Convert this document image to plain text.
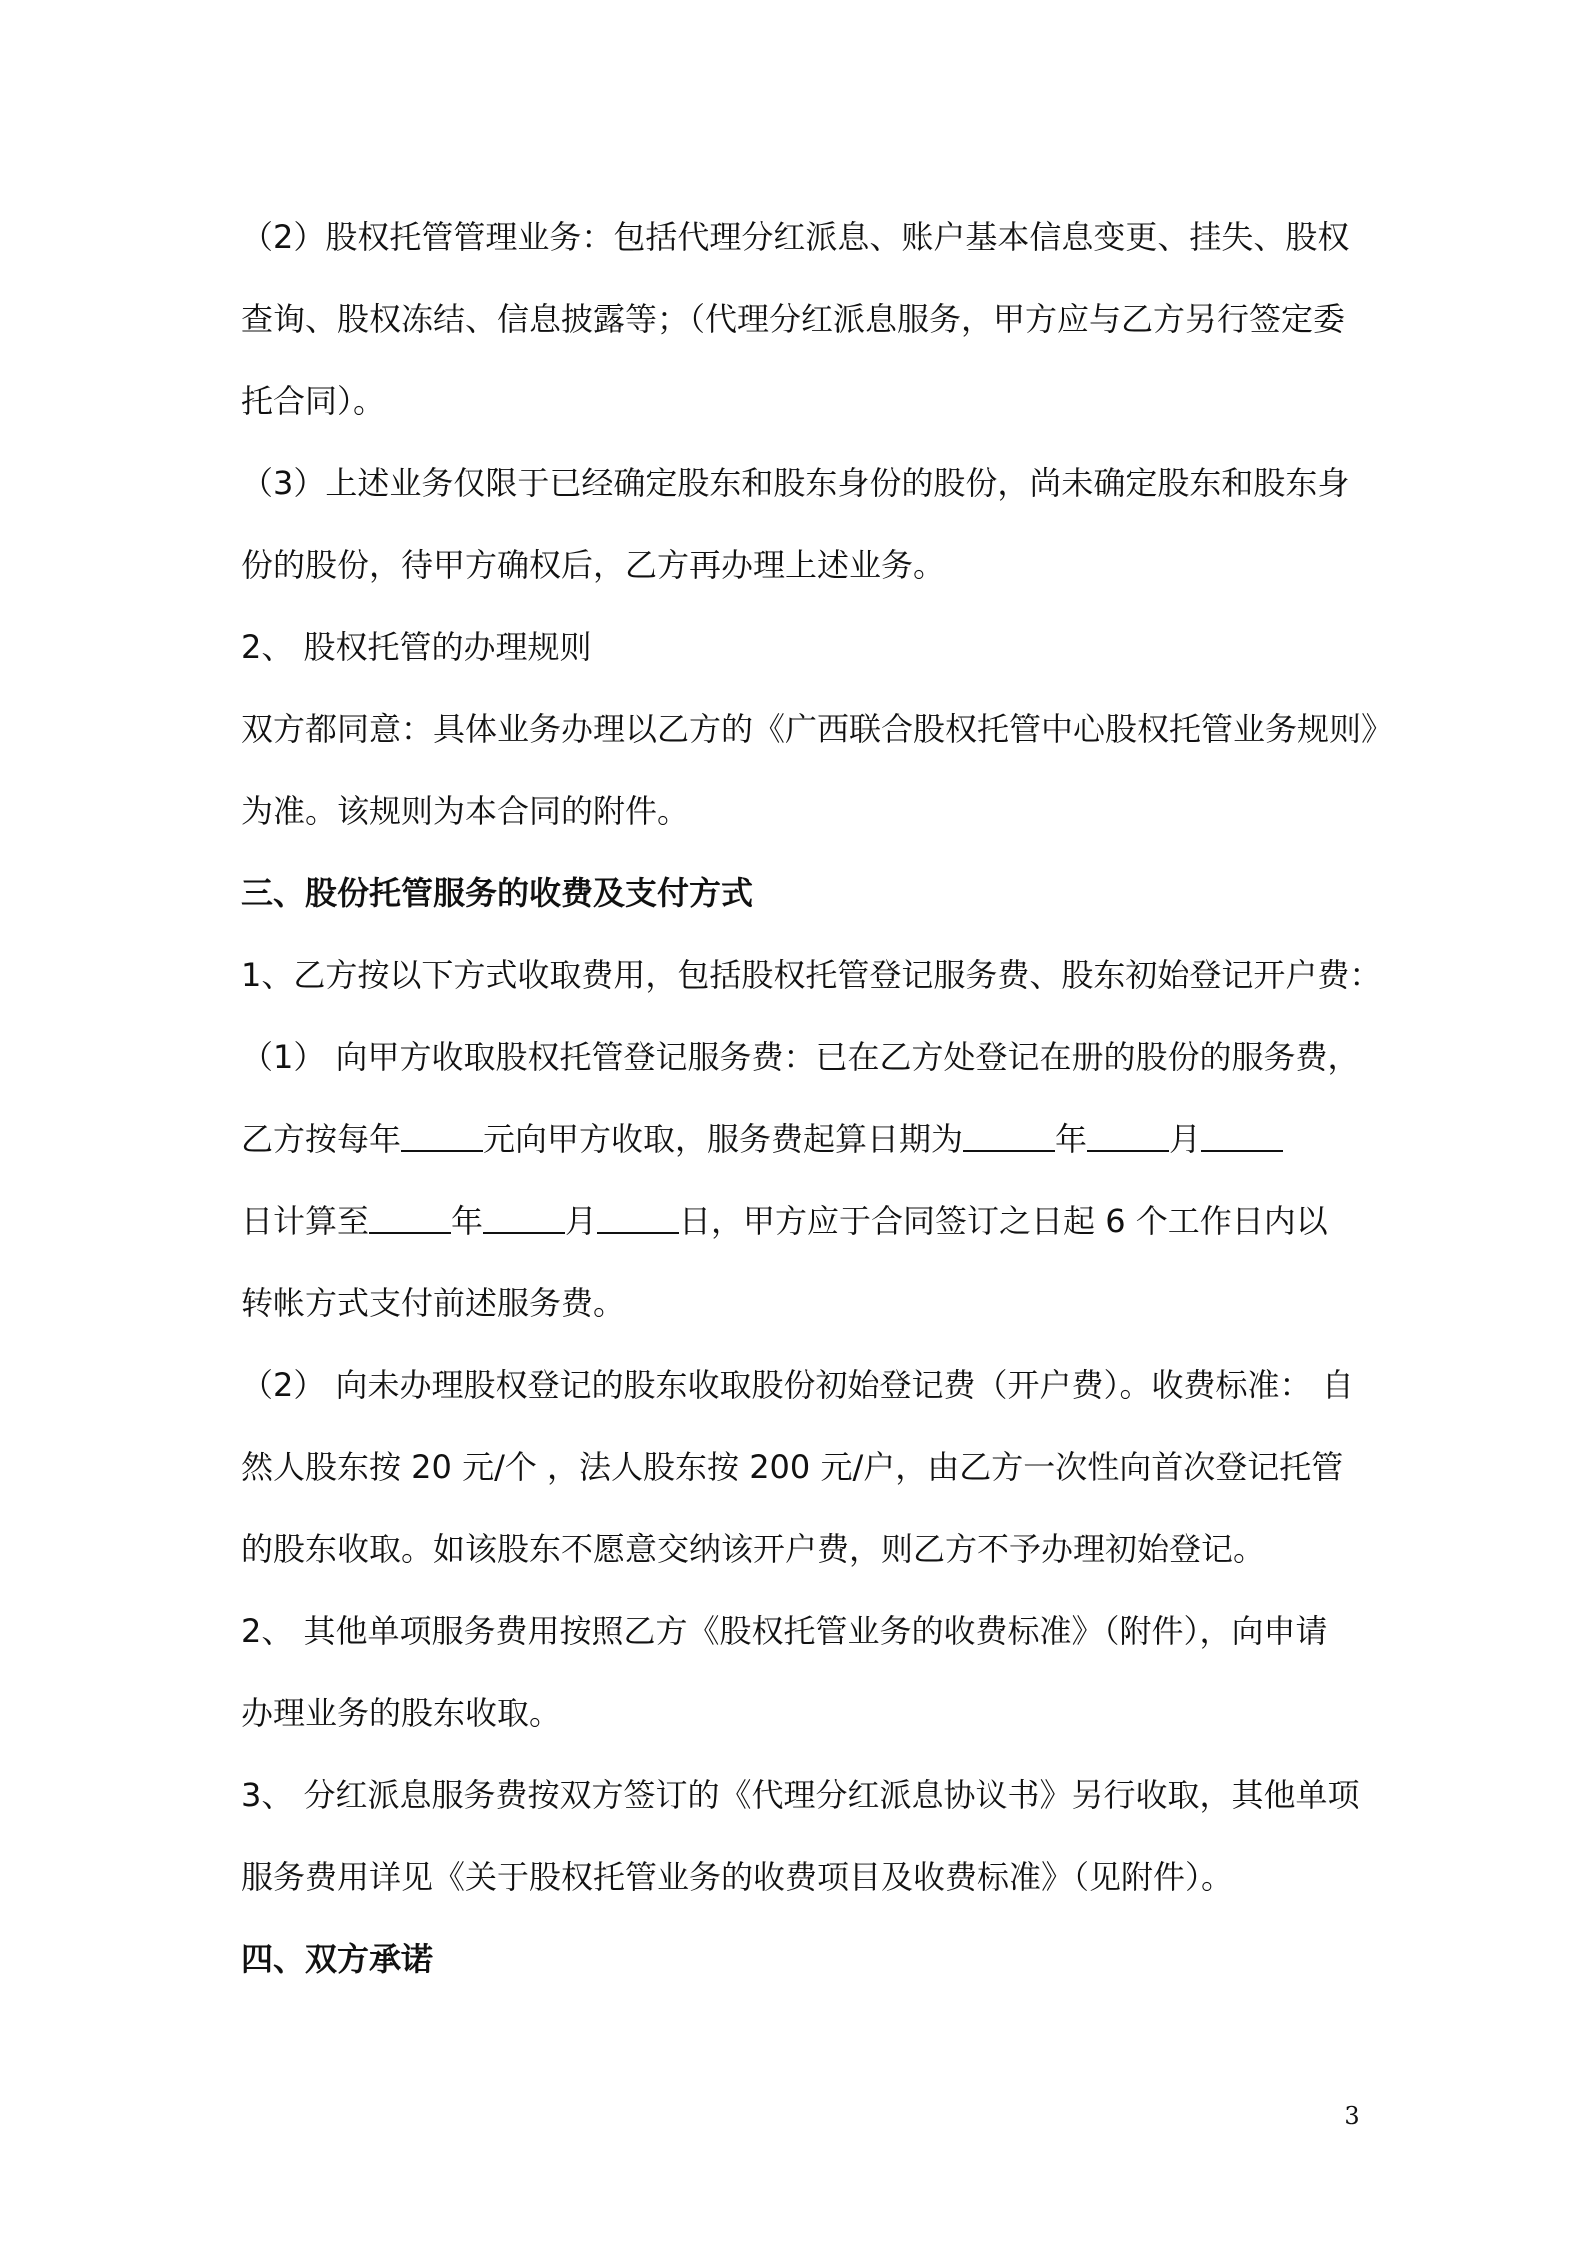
（2）股权托管管理业务：包括代理分红派息、账户基本信息变更、挂失、股权
查询、股权冻结、信息披露等；（代理分红派息服务，甲方应与乙方另行签定委
托合同）。
（3）上述业务仅限于已经确定股东和股东身份的股份，尚未确定股东和股东身
份的股份，待甲方确权后，乙方再办理上述业务。
2、 股权托管的办理规则
双方都同意：具体业务办理以乙方的《广西联合股权托管中心股权托管业务规则》
为准。该规则为本合同的附件。
三、股份托管服务的收费及支付方式
1、乙方按以下方式收取费用，包括股权托管登记服务费、股东初始登记开户费：
（1） 向甲方收取股权托管登记服务费：已在乙方处登记在册的股份的服务费，
乙方按每年	元向甲方收取，服务费起算日期为	年	月
日计算至	年	月	日，甲方应于合同签订之日起 6 个工作日内以
转帐方式支付前述服务费。
（2） 向未办理股权登记的股东收取股份初始登记费（开户费）。收费标准： 自
然人股东按 20 元/个 ，法人股东按 200 元/户，由乙方一次性向首次登记托管
的股东收取。如该股东不愿意交纳该开户费，则乙方不予办理初始登记。
2、 其他单项服务费用按照乙方《股权托管业务的收费标准》（附件），向申请
办理业务的股东收取。
3、 分红派息服务费按双方签订的《代理分红派息协议书》另行收取，其他单项
服务费用详见《关于股权托管业务的收费项目及收费标准》（见附件）。
四、双方承诺
3
